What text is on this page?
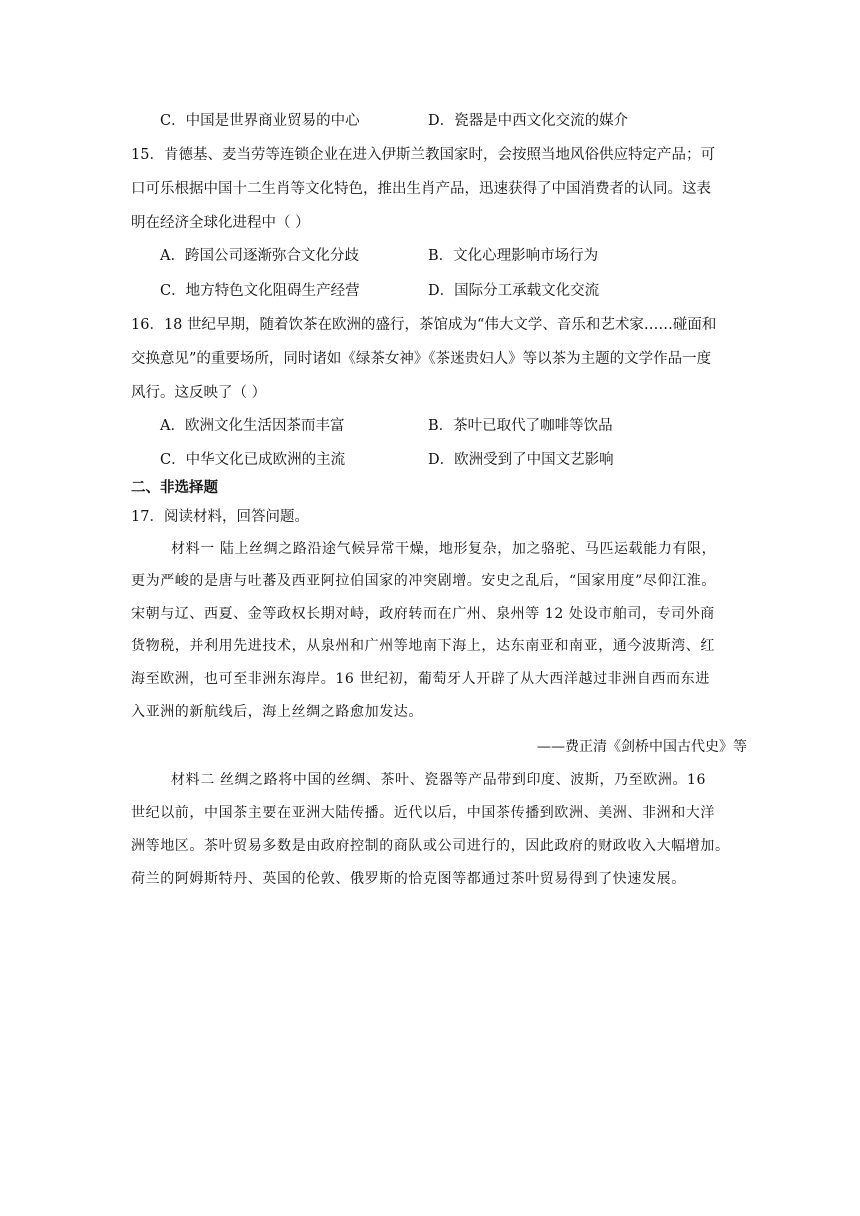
C．中国是世界商业贸易的中心	D．瓷器是中西文化交流的媒介
15．肯德基、麦当劳等连锁企业在进入伊斯兰教国家时，会按照当地风俗供应特定产品；可
口可乐根据中国十二生肖等文化特色，推出生肖产品，迅速获得了中国消费者的认同。这表
明在经济全球化进程中（ ）
A．跨国公司逐渐弥合文化分歧	B．文化心理影响市场行为
C．地方特色文化阻碍生产经营	D．国际分工承载文化交流
16．18 世纪早期，随着饮茶在欧洲的盛行，茶馆成为“伟大文学、音乐和艺术家……碰面和
交换意见”的重要场所，同时诸如《绿茶女神》《茶迷贵妇人》等以茶为主题的文学作品一度
风行。这反映了（ ）
A．欧洲文化生活因茶而丰富	B．茶叶已取代了咖啡等饮品
C．中华文化已成欧洲的主流	D．欧洲受到了中国文艺影响
二、非选择题
17．阅读材料，回答问题。
材料一 陆上丝绸之路沿途气候异常干燥，地形复杂，加之骆驼、马匹运载能力有限，
更为严峻的是唐与吐蕃及西亚阿拉伯国家的冲突剧增。安史之乱后，“国家用度”尽仰江淮。
宋朝与辽、西夏、金等政权长期对峙，政府转而在广州、泉州等 12 处设市舶司，专司外商
货物税，并利用先进技术，从泉州和广州等地南下海上，达东南亚和南亚，通今波斯湾、红
海至欧洲，也可至非洲东海岸。16 世纪初，葡萄牙人开辟了从大西洋越过非洲自西而东进
入亚洲的新航线后，海上丝绸之路愈加发达。
——费正清《剑桥中国古代史》等
材料二 丝绸之路将中国的丝绸、茶叶、瓷器等产品带到印度、波斯，乃至欧洲。16
世纪以前，中国茶主要在亚洲大陆传播。近代以后，中国茶传播到欧洲、美洲、非洲和大洋
洲等地区。茶叶贸易多数是由政府控制的商队或公司进行的，因此政府的财政收入大幅增加。
荷兰的阿姆斯特丹、英国的伦敦、俄罗斯的恰克图等都通过茶叶贸易得到了快速发展。
